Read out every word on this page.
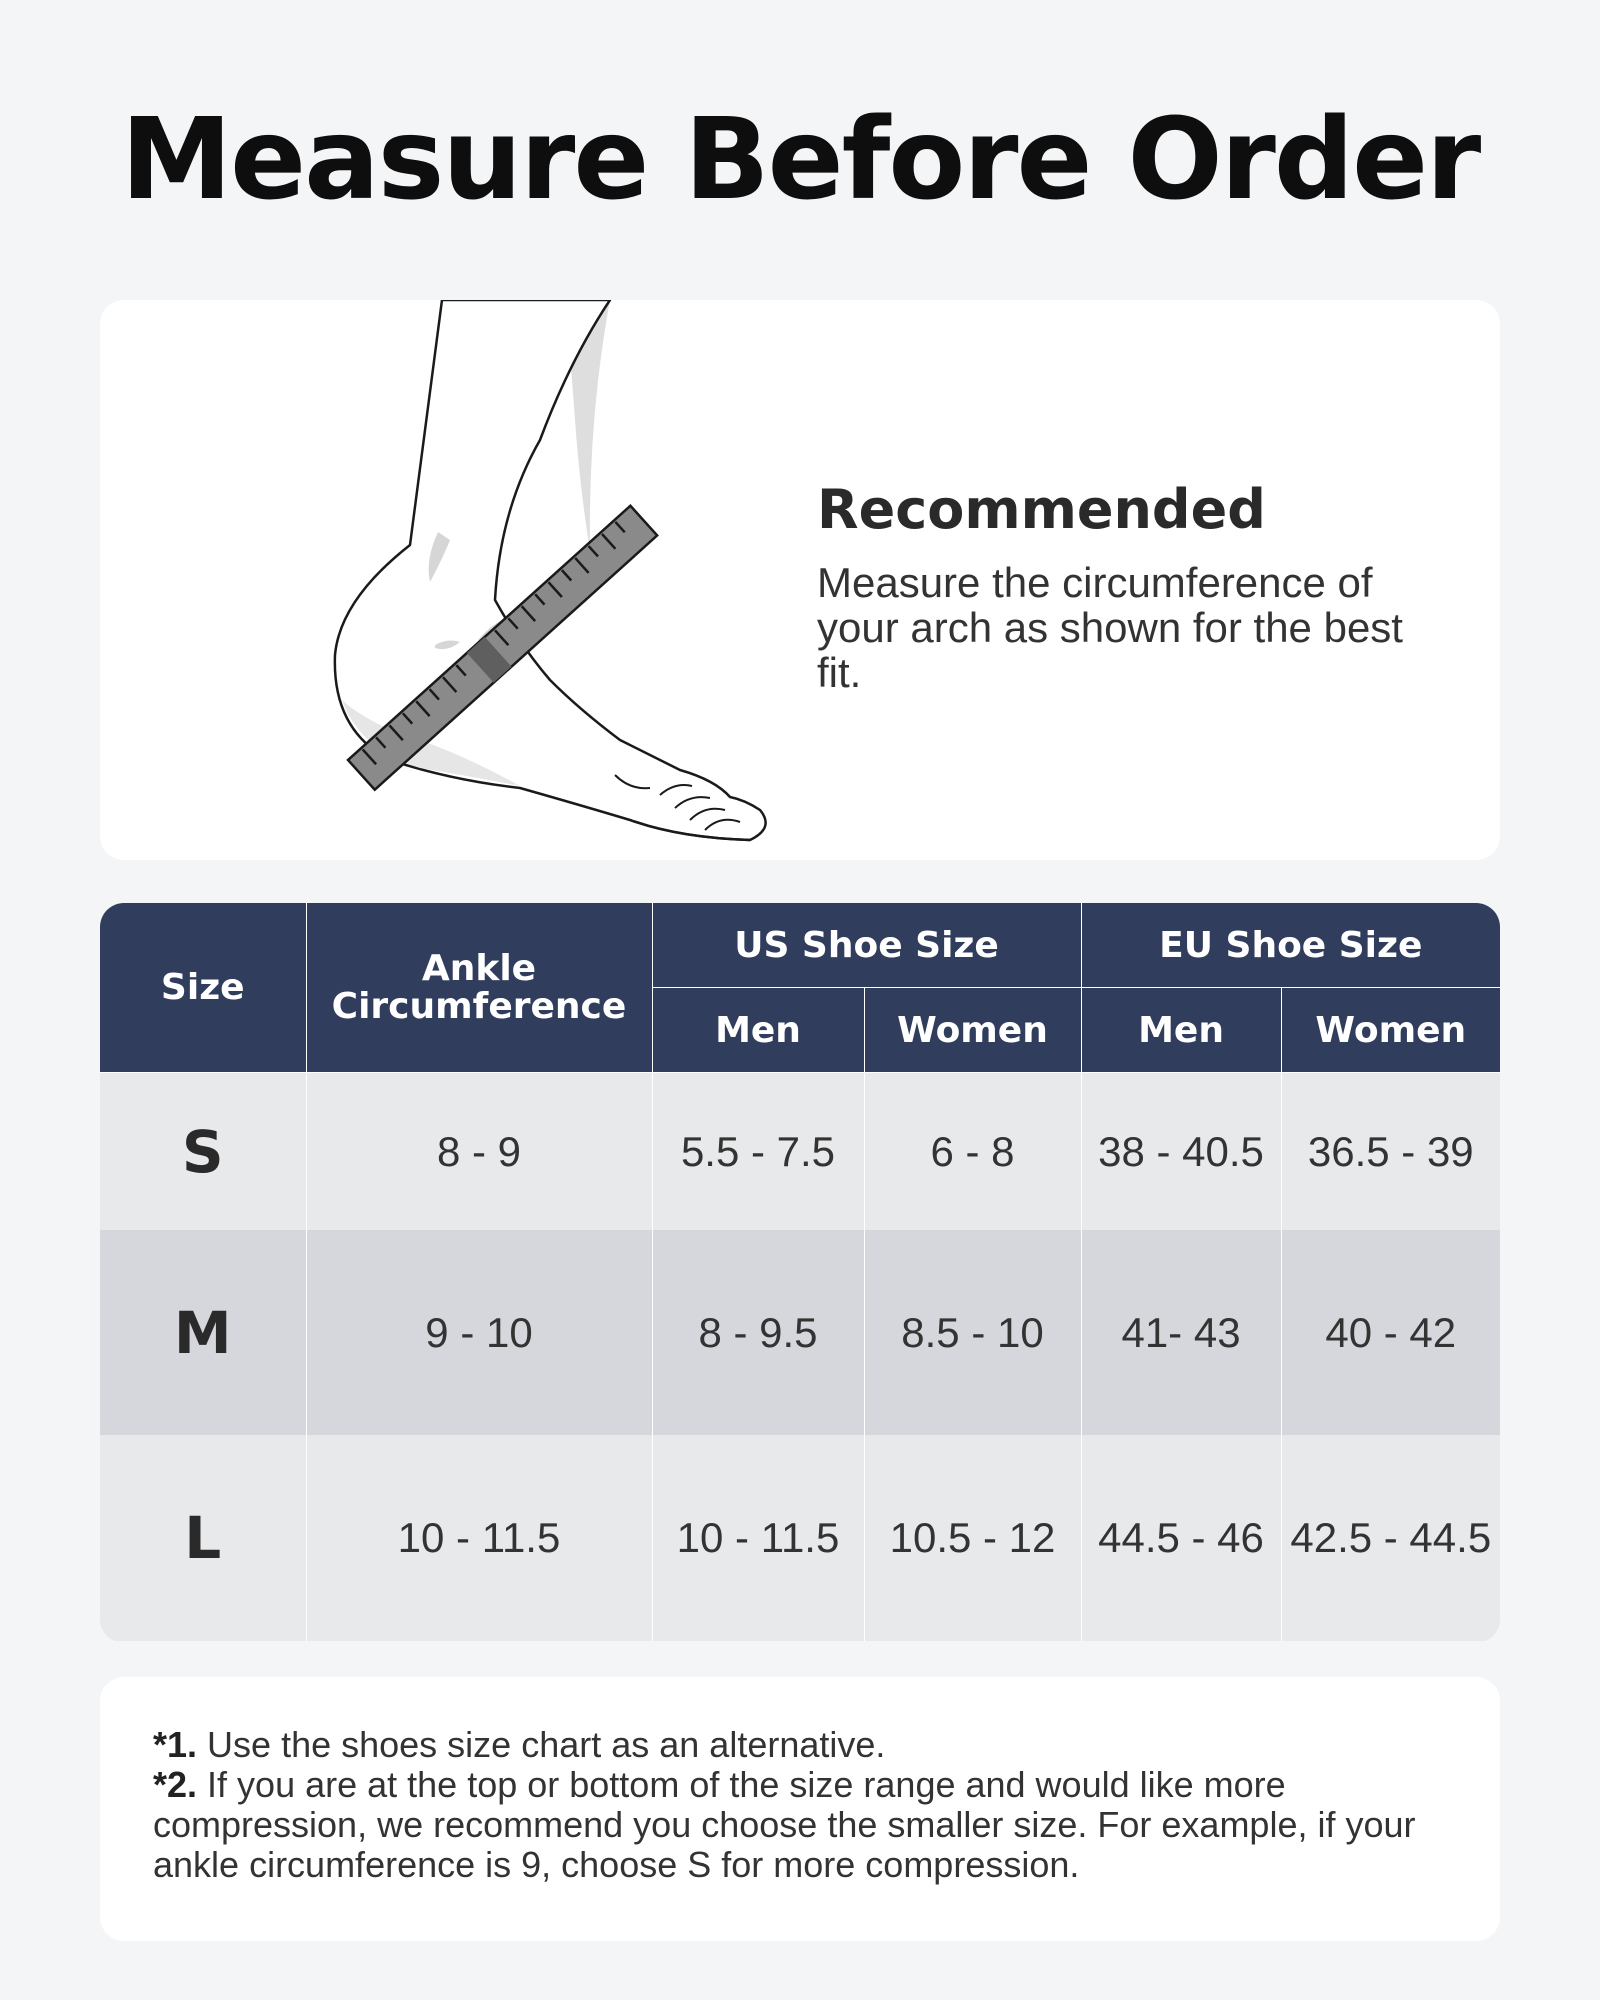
Measure Before Order
Recommended
Measure the circumference of your arch as shown for the best fit.
Size	Ankle Circumference	US Shoe Size		EU Shoe Size	
		Men	Women	Men	Women
S	8 - 9	5.5 - 7.5	6 - 8	38 - 40.5	36.5 - 39
M	9 - 10	8 - 9.5	8.5 - 10	41- 43	40 - 42
L	10 - 11.5	10 - 11.5	10.5 - 12	44.5 - 46	42.5 - 44.5

*1. Use the shoes size chart as an alternative.

*2. If you are at the top or bottom of the size range and would like more compression, we recommend you choose the smaller size. For example, if your ankle circumference is 9, choose S for more compression.
